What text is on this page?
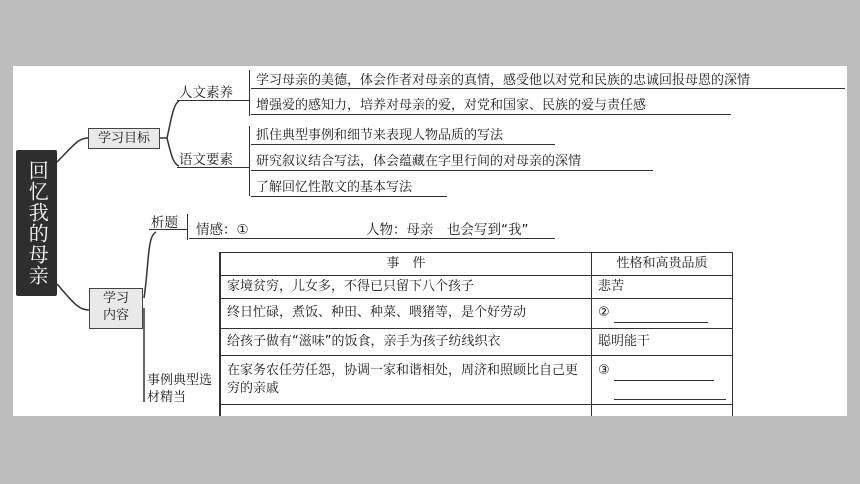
回忆我的母亲
学习目标
人文素养
学习母亲的美德，体会作者对母亲的真情，感受他以对党和民族的忠诚回报母恩的深情
增强爱的感知力，培养对母亲的爱，对党和国家、民族的爱与责任感
语文要素
抓住典型事例和细节来表现人物品质的写法
研究叙议结合写法，体会蕴藏在字里行间的对母亲的深情
了解回忆性散文的基本写法
学习内容
析题 情感：①	人物：母亲　也会写到“我”
事例典型选材精当
事　件	性格和高贵品质
家境贫穷，儿女多，不得已只留下八个孩子	悲苦
终日忙碌，煮饭、种田、种菜、喂猪等，是个好劳动	②
给孩子做有“滋味”的饭食，亲手为孩子纺线织衣	聪明能干
在家务农任劳任怨，协调一家和谐相处，周济和照顾比自己更穷的亲戚	③
